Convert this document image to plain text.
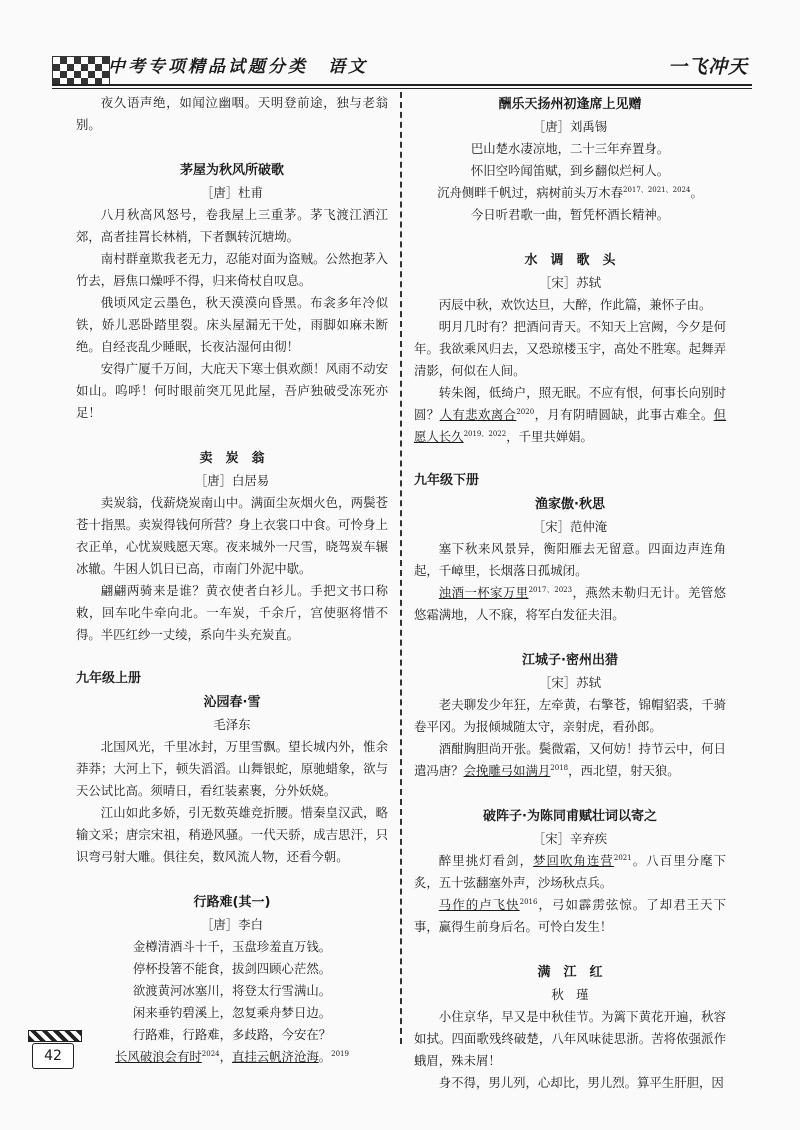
中考专项精品试题分类　语文	一飞冲天

夜久语声绝，如闻泣幽咽。天明登前途，独与老翁别。

茅屋为秋风所破歌

［唐］杜甫

八月秋高风怒号，卷我屋上三重茅。茅飞渡江洒江郊，高者挂罥长林梢，下者飘转沉塘坳。

南村群童欺我老无力，忍能对面为盗贼。公然抱茅入竹去，唇焦口燥呼不得，归来倚杖自叹息。

俄顷风定云墨色，秋天漠漠向昏黑。布衾多年冷似铁，娇儿恶卧踏里裂。床头屋漏无干处，雨脚如麻未断绝。自经丧乱少睡眠，长夜沾湿何由彻！

安得广厦千万间，大庇天下寒士俱欢颜！风雨不动安如山。呜呼！何时眼前突兀见此屋，吾庐独破受冻死亦足！

卖　炭　翁

［唐］白居易

卖炭翁，伐薪烧炭南山中。满面尘灰烟火色，两鬓苍苍十指黑。卖炭得钱何所营？身上衣裳口中食。可怜身上衣正单，心忧炭贱愿天寒。夜来城外一尺雪，晓驾炭车辗冰辙。牛困人饥日已高，市南门外泥中歇。

翩翩两骑来是谁？黄衣使者白衫儿。手把文书口称敕，回车叱牛牵向北。一车炭，千余斤，宫使驱将惜不得。半匹红纱一丈绫，系向牛头充炭直。

九年级上册

沁园春·雪

毛泽东

北国风光，千里冰封，万里雪飘。望长城内外，惟余莽莽；大河上下，顿失滔滔。山舞银蛇，原驰蜡象，欲与天公试比高。须晴日，看红装素裹，分外妖娆。

江山如此多娇，引无数英雄竞折腰。惜秦皇汉武，略输文采；唐宗宋祖，稍逊风骚。一代天骄，成吉思汗，只识弯弓射大雕。俱往矣，数风流人物，还看今朝。

行路难(其一)

［唐］李白

金樽清酒斗十千，玉盘珍羞直万钱。

停杯投箸不能食，拔剑四顾心茫然。

欲渡黄河冰塞川，将登太行雪满山。

闲来垂钓碧溪上，忽复乘舟梦日边。

行路难，行路难，多歧路，今安在？

长风破浪会有时$^{2024}$，直挂云帆济沧海。$^{2019}$

酬乐天扬州初逢席上见赠

［唐］刘禹锡

巴山楚水凄凉地，二十三年弃置身。

怀旧空吟闻笛赋，到乡翻似烂柯人。

沉舟侧畔千帆过，病树前头万木春$^{2017、2021、2024}$。

今日听君歌一曲，暂凭杯酒长精神。

水　调　歌　头

［宋］苏轼

丙辰中秋，欢饮达旦，大醉，作此篇，兼怀子由。

明月几时有？把酒问青天。不知天上宫阙，今夕是何年。我欲乘风归去，又恐琼楼玉宇，高处不胜寒。起舞弄清影，何似在人间。

转朱阁，低绮户，照无眠。不应有恨，何事长向别时圆？人有悲欢离合$^{2020}$，月有阴晴圆缺，此事古难全。但愿人长久$^{2019、2022}$，千里共婵娟。

九年级下册

渔家傲·秋思

［宋］范仲淹

塞下秋来风景异，衡阳雁去无留意。四面边声连角起，千嶂里，长烟落日孤城闭。

浊酒一杯家万里$^{2017、2023}$，燕然未勒归无计。羌管悠悠霜满地，人不寐，将军白发征夫泪。

江城子·密州出猎

［宋］苏轼

老夫聊发少年狂，左牵黄，右擎苍，锦帽貂裘，千骑卷平冈。为报倾城随太守，亲射虎，看孙郎。

酒酣胸胆尚开张。鬓微霜，又何妨！持节云中，何日遣冯唐？会挽雕弓如满月$^{2018}$，西北望，射天狼。

破阵子·为陈同甫赋壮词以寄之

［宋］辛弃疾

醉里挑灯看剑，梦回吹角连营$^{2021}$。八百里分麾下炙，五十弦翻塞外声，沙场秋点兵。

马作的卢飞快$^{2016}$，弓如霹雳弦惊。了却君王天下事，赢得生前身后名。可怜白发生！

满　江　红

秋　瑾

小住京华，早又是中秋佳节。为篱下黄花开遍，秋容如拭。四面歌残终破楚，八年风味徒思浙。苦将侬强派作蛾眉，殊未屑！

身不得，男儿列，心却比，男儿烈。算平生肝胆，因

42
